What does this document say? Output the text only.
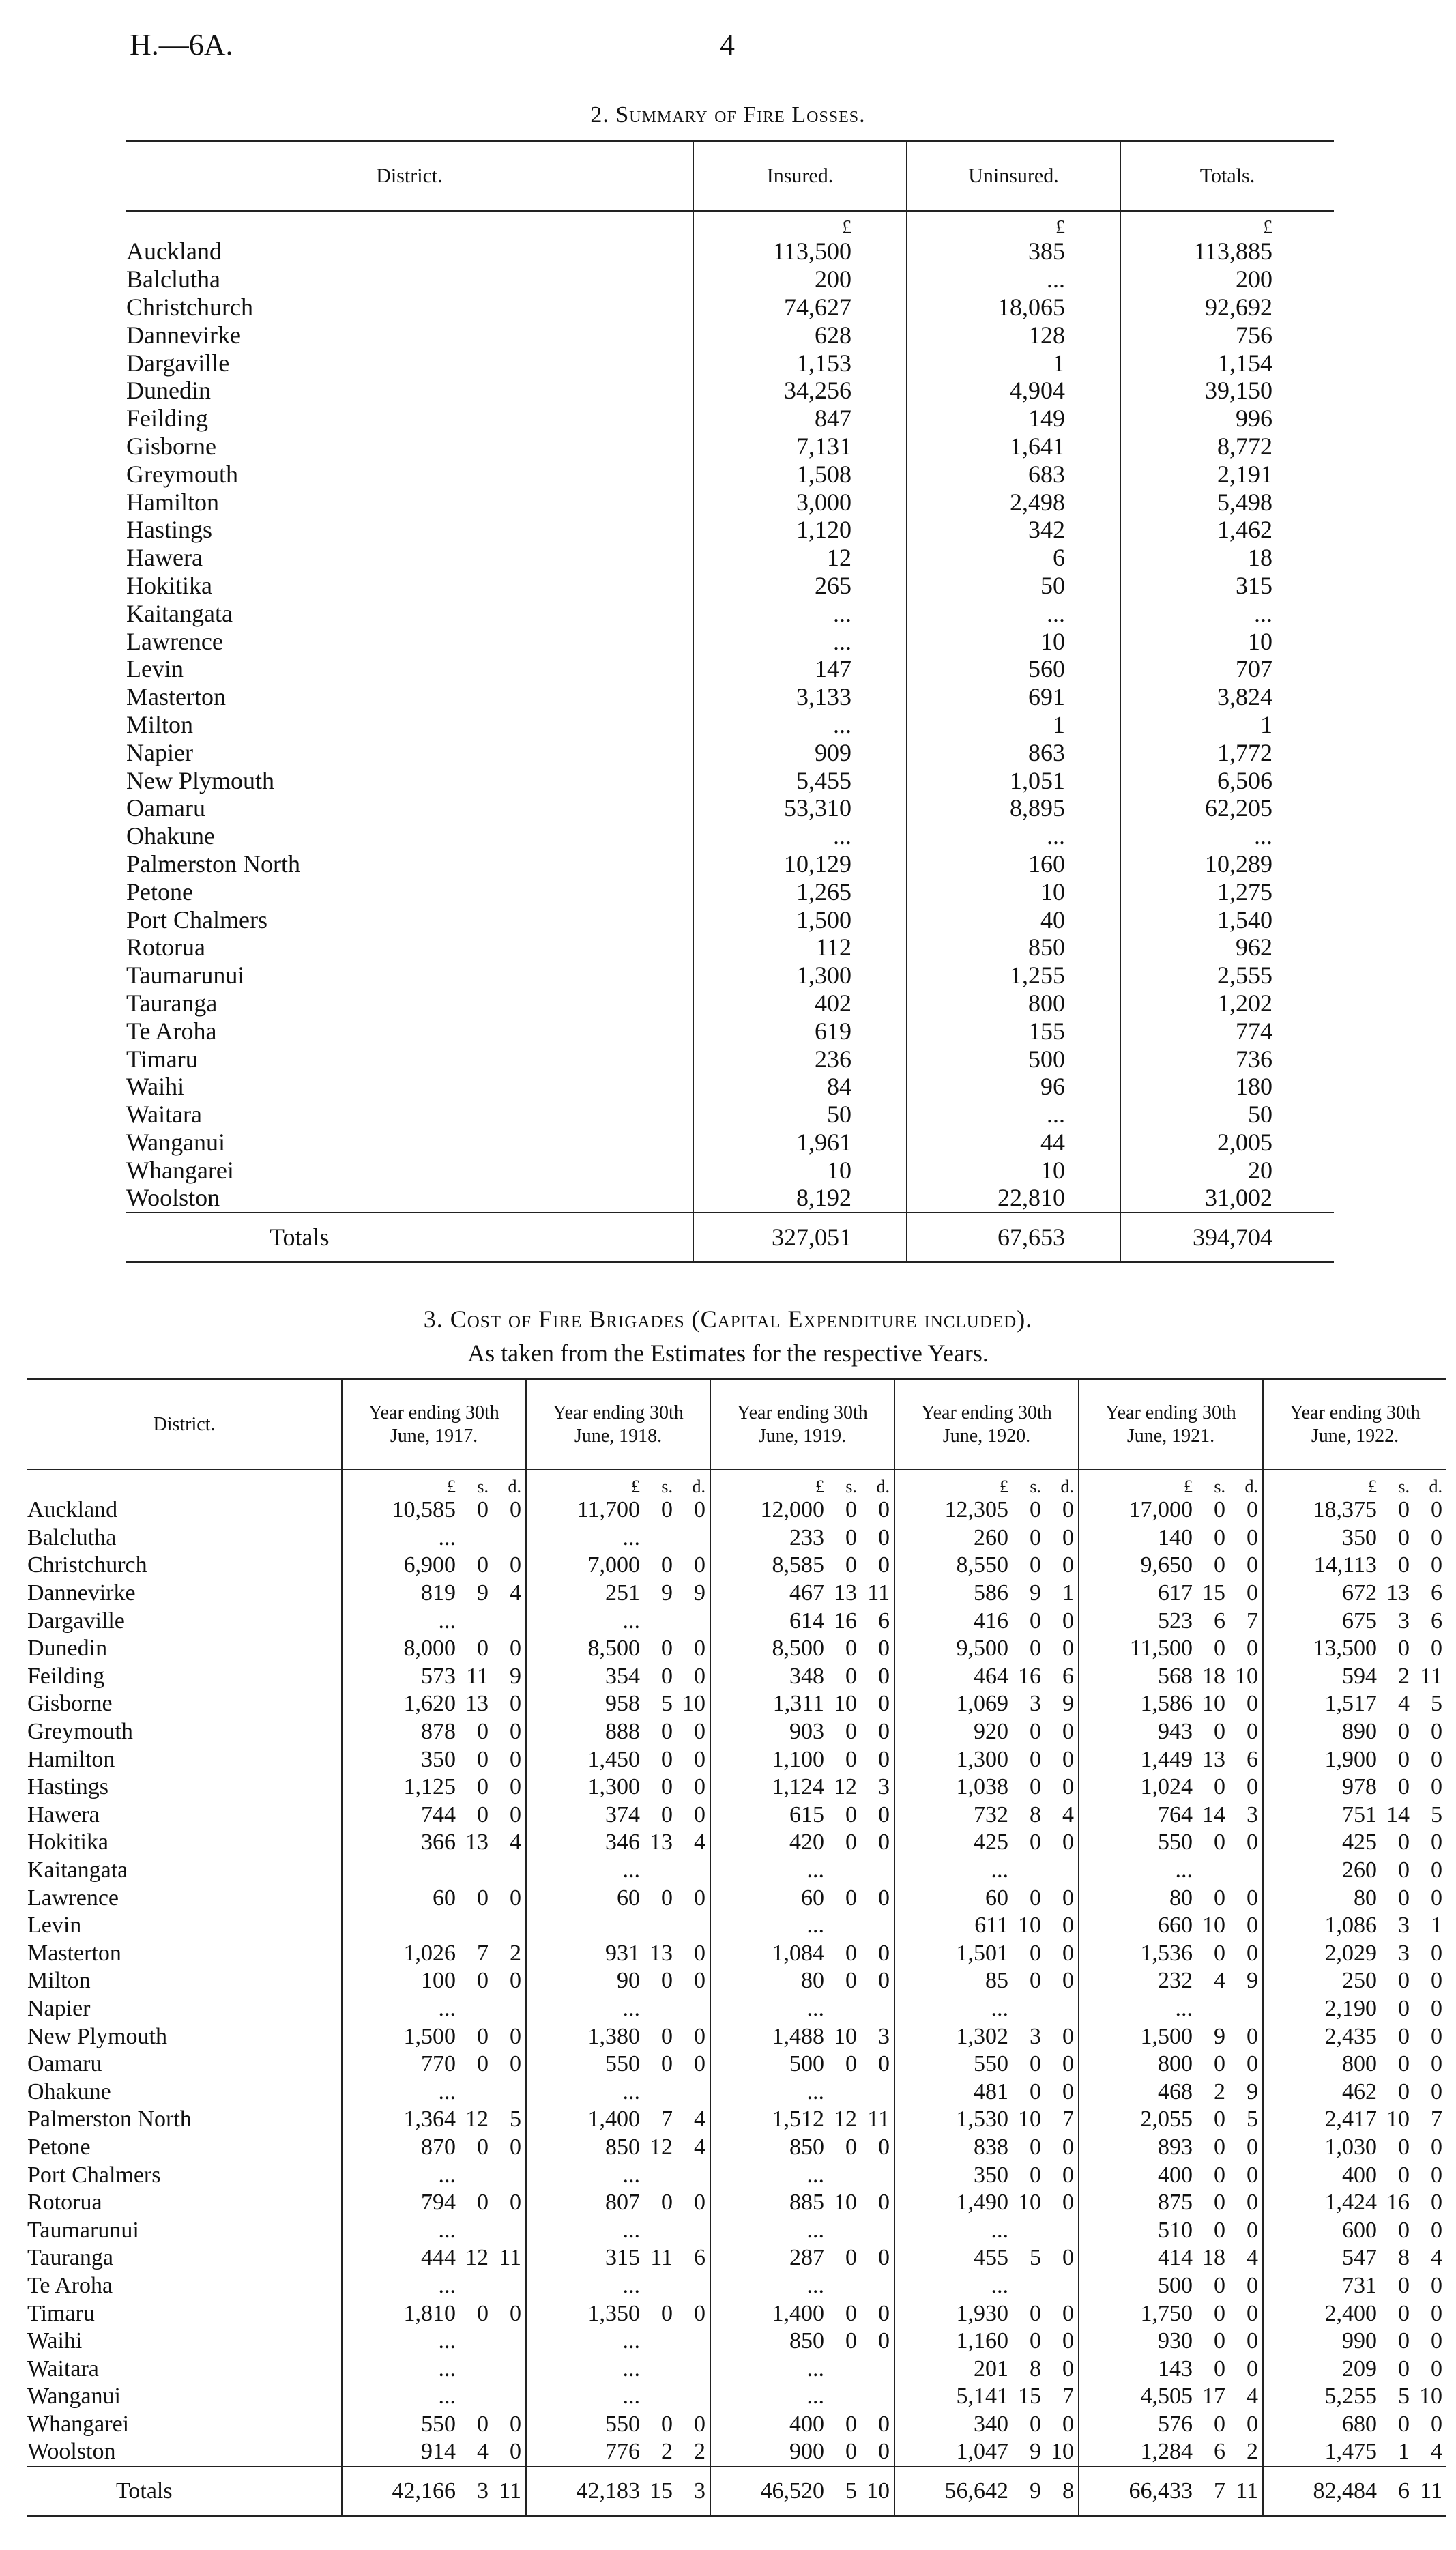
H.—6A.	4
2. Summary of Fire Losses.
District.	Insured.	Uninsured.	Totals.
	£	£	£
Auckland	113,500	385	113,885
Balclutha	200	...	200
Christchurch	74,627	18,065	92,692
Dannevirke	628	128	756
Dargaville	1,153	1	1,154
Dunedin	34,256	4,904	39,150
Feilding	847	149	996
Gisborne	7,131	1,641	8,772
Greymouth	1,508	683	2,191
Hamilton	3,000	2,498	5,498
Hastings	1,120	342	1,462
Hawera	12	6	18
Hokitika	265	50	315
Kaitangata	...	...	...
Lawrence	...	10	10
Levin	147	560	707
Masterton	3,133	691	3,824
Milton	...	1	1
Napier	909	863	1,772
New Plymouth	5,455	1,051	6,506
Oamaru	53,310	8,895	62,205
Ohakune	...	...	...
Palmerston North	10,129	160	10,289
Petone	1,265	10	1,275
Port Chalmers	1,500	40	1,540
Rotorua	112	850	962
Taumarunui	1,300	1,255	2,555
Tauranga	402	800	1,202
Te Aroha	619	155	774
Timaru	236	500	736
Waihi	84	96	180
Waitara	50	...	50
Wanganui	1,961	44	2,005
Whangarei	10	10	20
Woolston	8,192	22,810	31,002
Totals	327,051	67,653	394,704
3. Cost of Fire Brigades (Capital Expenditure included).
As taken from the Estimates for the respective Years.
District.	Year ending 30th June, 1917.			Year ending 30th June, 1918.			Year ending 30th June, 1919.			Year ending 30th June, 1920.			Year ending 30th June, 1921.			Year ending 30th June, 1922.		
	£	s.	d.	£	s.	d.	£	s.	d.	£	s.	d.	£	s.	d.	£	s.	d.
Auckland	10,585	0	0	11,700	0	0	12,000	0	0	12,305	0	0	17,000	0	0	18,375	0	0
Balclutha	...			...			233	0	0	260	0	0	140	0	0	350	0	0
Christchurch	6,900	0	0	7,000	0	0	8,585	0	0	8,550	0	0	9,650	0	0	14,113	0	0
Dannevirke	819	9	4	251	9	9	467	13	11	586	9	1	617	15	0	672	13	6
Dargaville	...			...			614	16	6	416	0	0	523	6	7	675	3	6
Dunedin	8,000	0	0	8,500	0	0	8,500	0	0	9,500	0	0	11,500	0	0	13,500	0	0
Feilding	573	11	9	354	0	0	348	0	0	464	16	6	568	18	10	594	2	11
Gisborne	1,620	13	0	958	5	10	1,311	10	0	1,069	3	9	1,586	10	0	1,517	4	5
Greymouth	878	0	0	888	0	0	903	0	0	920	0	0	943	0	0	890	0	0
Hamilton	350	0	0	1,450	0	0	1,100	0	0	1,300	0	0	1,449	13	6	1,900	0	0
Hastings	1,125	0	0	1,300	0	0	1,124	12	3	1,038	0	0	1,024	0	0	978	0	0
Hawera	744	0	0	374	0	0	615	0	0	732	8	4	764	14	3	751	14	5
Hokitika	366	13	4	346	13	4	420	0	0	425	0	0	550	0	0	425	0	0
Kaitangata				...			...			...			...			260	0	0
Lawrence	60	0	0	60	0	0	60	0	0	60	0	0	80	0	0	80	0	0
Levin							...			611	10	0	660	10	0	1,086	3	1
Masterton	1,026	7	2	931	13	0	1,084	0	0	1,501	0	0	1,536	0	0	2,029	3	0
Milton	100	0	0	90	0	0	80	0	0	85	0	0	232	4	9	250	0	0
Napier	...			...			...			...			...			2,190	0	0
New Plymouth	1,500	0	0	1,380	0	0	1,488	10	3	1,302	3	0	1,500	9	0	2,435	0	0
Oamaru	770	0	0	550	0	0	500	0	0	550	0	0	800	0	0	800	0	0
Ohakune	...			...			...			481	0	0	468	2	9	462	0	0
Palmerston North	1,364	12	5	1,400	7	4	1,512	12	11	1,530	10	7	2,055	0	5	2,417	10	7
Petone	870	0	0	850	12	4	850	0	0	838	0	0	893	0	0	1,030	0	0
Port Chalmers	...			...			...			350	0	0	400	0	0	400	0	0
Rotorua	794	0	0	807	0	0	885	10	0	1,490	10	0	875	0	0	1,424	16	0
Taumarunui	...			...			...			...			510	0	0	600	0	0
Tauranga	444	12	11	315	11	6	287	0	0	455	5	0	414	18	4	547	8	4
Te Aroha	...			...			...			...			500	0	0	731	0	0
Timaru	1,810	0	0	1,350	0	0	1,400	0	0	1,930	0	0	1,750	0	0	2,400	0	0
Waihi	...			...			850	0	0	1,160	0	0	930	0	0	990	0	0
Waitara	...			...			...			201	8	0	143	0	0	209	0	0
Wanganui	...			...			...			5,141	15	7	4,505	17	4	5,255	5	10
Whangarei	550	0	0	550	0	0	400	0	0	340	0	0	576	0	0	680	0	0
Woolston	914	4	0	776	2	2	900	0	0	1,047	9	10	1,284	6	2	1,475	1	4
Totals	42,166	3	11	42,183	15	3	46,520	5	10	56,642	9	8	66,433	7	11	82,484	6	11
